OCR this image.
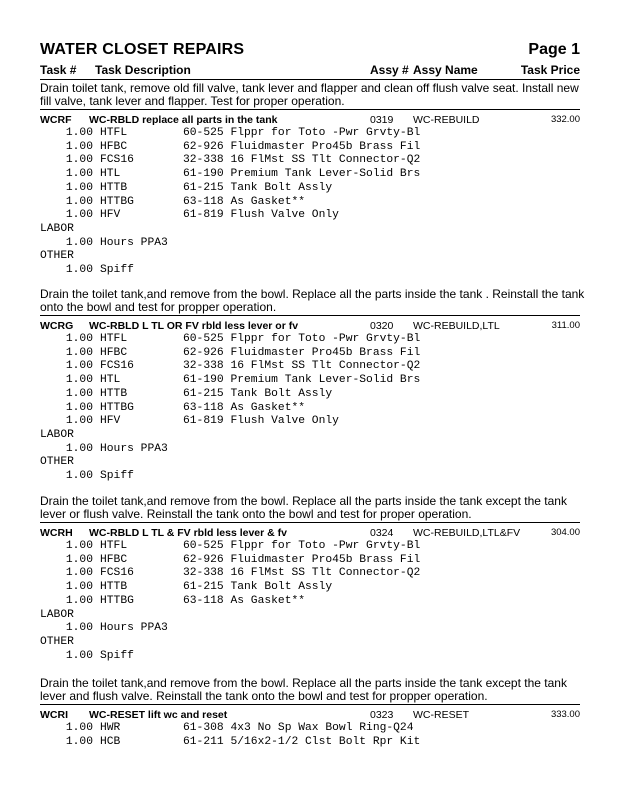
WATER CLOSET REPAIRS	Page 1
Task # Task Description	Assy # Assy Name	Task Price
Drain toilet tank, remove old fill valve, tank lever and flapper and clean off flush valve seat. Install new
fill valve, tank lever and flapper. Test for proper operation.
WCRF WC-RBLD replace all parts in the tank	0319 WC-REBUILD	332.00
1.00 HTFL	60-525 Flppr for Toto -Pwr Grvty-Bl
1.00 HFBC	62-926 Fluidmaster Pro45b Brass Fil
1.00 FCS16	32-338 16 FlMst SS Tlt Connector-Q2
1.00 HTL	61-190 Premium Tank Lever-Solid Brs
1.00 HTTB	61-215 Tank Bolt Assly
1.00 HTTBG	63-118 As Gasket**
1.00 HFV	61-819 Flush Valve Only
LABOR
1.00 Hours PPA3
OTHER
1.00 Spiff
Drain the toilet tank,and remove from the bowl. Replace all the parts inside the tank . Reinstall the tank
onto the bowl and test for propper operation.
WCRG WC-RBLD L TL OR FV rbld less lever or fv	0320 WC-REBUILD,LTL	311.00
1.00 HTFL	60-525 Flppr for Toto -Pwr Grvty-Bl
1.00 HFBC	62-926 Fluidmaster Pro45b Brass Fil
1.00 FCS16	32-338 16 FlMst SS Tlt Connector-Q2
1.00 HTL	61-190 Premium Tank Lever-Solid Brs
1.00 HTTB	61-215 Tank Bolt Assly
1.00 HTTBG	63-118 As Gasket**
1.00 HFV	61-819 Flush Valve Only
LABOR
1.00 Hours PPA3
OTHER
1.00 Spiff
Drain the toilet tank,and remove from the bowl. Replace all the parts inside the tank except the tank
lever or flush valve. Reinstall the tank onto the bowl and test for proper operation.
WCRH WC-RBLD L TL & FV rbld less lever & fv	0324 WC-REBUILD,LTL&FV	304.00
1.00 HTFL	60-525 Flppr for Toto -Pwr Grvty-Bl
1.00 HFBC	62-926 Fluidmaster Pro45b Brass Fil
1.00 FCS16	32-338 16 FlMst SS Tlt Connector-Q2
1.00 HTTB	61-215 Tank Bolt Assly
1.00 HTTBG	63-118 As Gasket**
LABOR
1.00 Hours PPA3
OTHER
1.00 Spiff
Drain the toilet tank,and remove from the bowl. Replace all the parts inside the tank except the tank
lever and flush valve. Reinstall the tank onto the bowl and test for propper operation.
WCRI WC-RESET lift wc and reset	0323 WC-RESET	333.00
1.00 HWR	61-308 4x3 No Sp Wax Bowl Ring-Q24
1.00 HCB	61-211 5/16x2-1/2 Clst Bolt Rpr Kit
